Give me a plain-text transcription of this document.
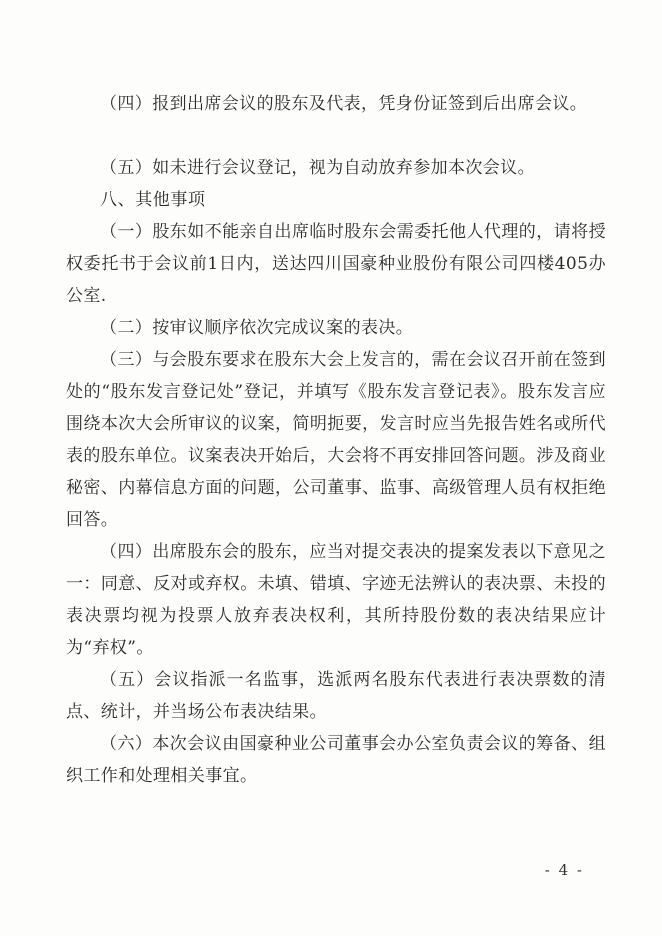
（四）报到出席会议的股东及代表，凭身份证签到后出席会议。

（五）如未进行会议登记，视为自动放弃参加本次会议。

八、其他事项

（一）股东如不能亲自出席临时股东会需委托他人代理的，请将授权委托书于会议前1日内，送达四川国豪种业股份有限公司四楼405办公室.

（二）按审议顺序依次完成议案的表决。

（三）与会股东要求在股东大会上发言的，需在会议召开前在签到处的“股东发言登记处”登记，并填写《股东发言登记表》。股东发言应围绕本次大会所审议的议案，简明扼要，发言时应当先报告姓名或所代表的股东单位。议案表决开始后，大会将不再安排回答问题。涉及商业秘密、内幕信息方面的问题，公司董事、监事、高级管理人员有权拒绝回答。

（四）出席股东会的股东，应当对提交表决的提案发表以下意见之一：同意、反对或弃权。未填、错填、字迹无法辨认的表决票、未投的表决票均视为投票人放弃表决权利，其所持股份数的表决结果应计为“弃权”。

（五）会议指派一名监事，选派两名股东代表进行表决票数的清点、统计，并当场公布表决结果。

（六）本次会议由国豪种业公司董事会办公室负责会议的筹备、组织工作和处理相关事宜。

- 4 -
